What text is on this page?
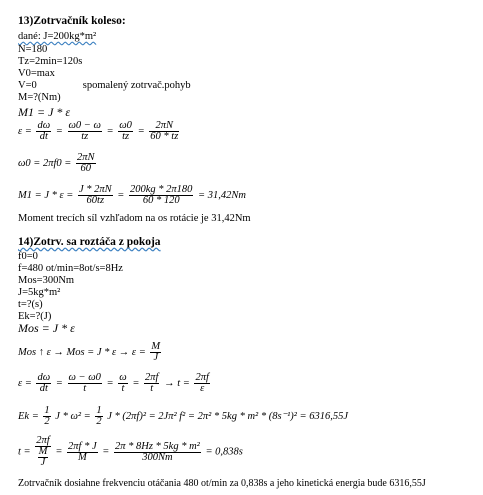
13)Zotrvačník koleso:
dané: J=200kg*m²
N=180
Tz=2min=120s
V0=max
V=0	spomalený zotrvač.pohyb
M=?(Nm)
M1 = J * ε
$\varepsilon = \frac{d\omega}{dt} = \frac{\omega 0 - \omega}{tz} = \frac{\omega 0}{tz} = \frac{2\pi N}{60 * tz}$
$\omega 0 = 2\pi f0 = \frac{2\pi N}{60}$
$M1 = J * \varepsilon = \frac{J * 2\pi N}{60tz} = \frac{200kg * 2\pi 180}{60 * 120} = 31,42Nm$
Moment trecích síl vzhľadom na os rotácie je 31,42Nm
14)Zotrv. sa roztáča z pokoja
f0=0
f=480 ot/min=8ot/s=8Hz
Mos=300Nm
J=5kg*m²
t=?(s)
Ek=?(J)
Mos = J * ε
Mos ↑ ε → Mos = $J * \varepsilon \to \varepsilon = \frac{M}{J}$
$\varepsilon = \frac{d\omega}{dt} = \frac{\omega - \omega 0}{t} = \frac{\omega}{t} = \frac{2\pi f}{t} \to t = \frac{2\pi f}{\varepsilon}$
$Ek = \frac{1}{2}$ $J * \omega^2 = \frac{1}{2}$ J * (2πf)² = 2Jπ² f² = 2π² * 5kg * m² * (8s⁻¹)² = 6316,55J
$t = \frac{2\pi f}{\frac{M}{J}} = \frac{2\pi f * J}{M} = \frac{\text{2π * 8Hz * 5kg * m²}}{300Nm} = 0,838s$
Zotrvačník dosiahne frekvenciu otáčania 480 ot/min za 0,838s a jeho kinetická energia bude 6316,55J
